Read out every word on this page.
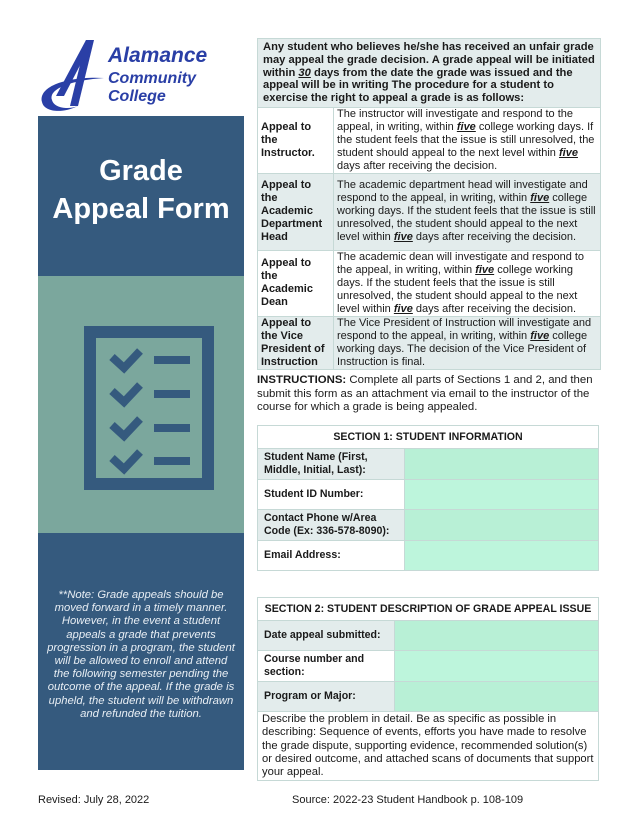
Alamance
Community College
Grade
Appeal Form
**Note: Grade appeals should be moved forward in a timely manner. However, in the event a student appeals a grade that prevents progression in a program, the student will be allowed to enroll and attend the following semester pending the outcome of the appeal. If the grade is upheld, the student will be withdrawn and refunded the tuition.
Any student who believes he/she has received an unfair grade may appeal the grade decision. A grade appeal will be initiated within 30 days from the date the grade was issued and the appeal will be in writing The procedure for a student to exercise the right to appeal a grade is as follows:	
Appeal to the Instructor.	The instructor will investigate and respond to the appeal, in writing, within five college working days. If the student feels that the issue is still unresolved, the student should appeal to the next level within five days after receiving the decision.
Appeal to the Academic Department Head	The academic department head will investigate and respond to the appeal, in writing, within five college working days. If the student feels that the issue is still unresolved, the student should appeal to the next level within five days after receiving the decision.
Appeal to the Academic Dean	The academic dean will investigate and respond to the appeal, in writing, within five college working days. If the student feels that the issue is still unresolved, the student should appeal to the next level within five days after receiving the decision.
Appeal to the Vice President of Instruction	The Vice President of Instruction will investigate and respond to the appeal, in writing, within five college working days. The decision of the Vice President of Instruction is final.
INSTRUCTIONS: Complete all parts of Sections 1 and 2, and then submit this form as an attachment via email to the instructor of the course for which a grade is being appealed.
SECTION 1: STUDENT INFORMATION	
Student Name (First, Middle, Initial, Last):	
Student ID Number:	
Contact Phone w/Area Code (Ex: 336-578-8090):	
Email Address:	
SECTION 2: STUDENT DESCRIPTION OF GRADE APPEAL ISSUE	
Date appeal submitted:	
Course number and section:	
Program or Major:	
Describe the problem in detail. Be as specific as possible in describing: Sequence of events, efforts you have made to resolve the grade dispute, supporting evidence, recommended solution(s) or desired outcome, and attached scans of documents that support your appeal.	
Revised: July 28, 2022	Source: 2022-23 Student Handbook p. 108-109
